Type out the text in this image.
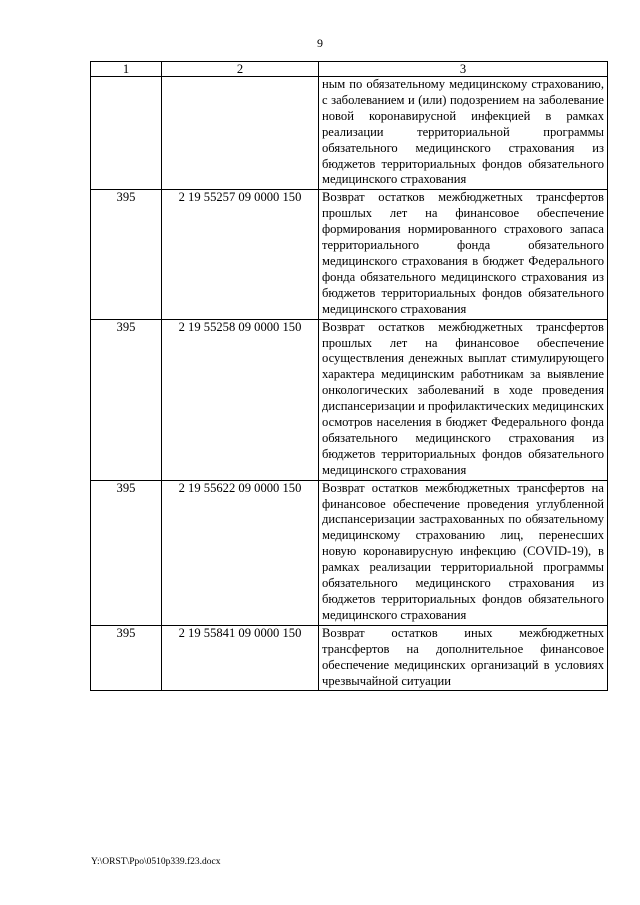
9
1	2	3
		ным по обязательному медицинскому страхованию, с заболеванием и (или) подозрением на заболевание новой коронавирусной инфекцией в рамках реализации территориальной программы обязательного медицинского страхования из бюджетов территориальных фондов обязательного медицинского страхования
395	2 19 55257 09 0000 150	Возврат остатков межбюджетных трансфертов прошлых лет на финансовое обеспечение формирования нормированного страхового запаса территориального фонда обязательного медицинского страхования в бюджет Федерального фонда обязательного медицинского страхования из бюджетов территориальных фондов обязательного медицинского страхования
395	2 19 55258 09 0000 150	Возврат остатков межбюджетных трансфертов прошлых лет на финансовое обеспечение осуществления денежных выплат стимулирующего характера медицинским работникам за выявление онкологических заболеваний в ходе проведения диспансеризации и профилактических медицинских осмотров населения в бюджет Федерального фонда обязательного медицинского страхования из бюджетов территориальных фондов обязательного медицинского страхования
395	2 19 55622 09 0000 150	Возврат остатков межбюджетных трансфертов на финансовое обеспечение проведения углубленной диспансеризации застрахованных по обязательному медицинскому страхованию лиц, перенесших новую коронавирусную инфекцию (COVID-19), в рамках реализации территориальной программы обязательного медицинского страхования из бюджетов территориальных фондов обязательного медицинского страхования
395	2 19 55841 09 0000 150	Возврат остатков иных межбюджетных трансфертов на дополнительное финансовое обеспечение медицинских организаций в условиях чрезвычайной ситуации
Y:\ORST\Ppo\0510p339.f23.docx
